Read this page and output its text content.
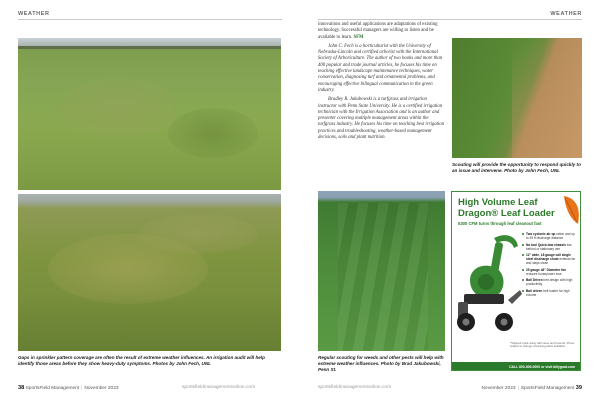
WEATHER	WEATHER
Gaps in sprinkler pattern coverage are often the result of extreme weather influences. An irrigation audit will help identify those areas before they show heavy-duty symptoms. Photos by John Fech, UNL

innovations and useful applications are adaptations of existing technology. Successful managers are willing to listen and be available to learn. SFM

John C. Fech is a horticulturist with the University of Nebraska-Lincoln and certified arborist with the International Society of Arboriculture. The author of two books and more than 400 popular and trade journal articles, he focuses his time on teaching effective landscape maintenance techniques, water conservation, diagnosing turf and ornamental problems, and encouraging effective bilingual communication in the green industry.

Bradley R. Jakubowski is a turfgrass and irrigation instructor with Penn State University. He is a certified irrigation technician with the Irrigation Association and is an author and presenter covering multiple management areas within the turfgrass industry. He focuses his time on teaching best irrigation practices and troubleshooting, weather-based management decisions, soils and plant nutrition.

Regular scouting for weeds and other pests will help with extreme weather influences. Photo by Brad Jakubowski, Penn St.
Scouting will provide the opportunity to respond quickly to an issue and intervene. Photo by John Fech, UNL
High Volume Leaf
Dragon® Leaf Loader
5300 CFM turns through leaf cleanout fast
Two cyclonic air op ration and up to 45 ft discharge distance
No tool Quick-tow chassis tow behind or stationary use
12" wide, 18 gauge call single steel discharge chute extends far and stays clean
25 gauge 46" Diameter fan reduces horsepower loss
Ball Driven belt design with high productivity
Bail driven belt loader for high volume
*Shipped truck-ready with Hose and hose kit. Prices subject to change. Financing plans available.
CALL 800-800-0000 or visit billygoat.com
38 SportsField Management | November 2023	sportsfieldmanagementonline.com	sportsfieldmanagementonline.com	November 2023 | SportsField Management 39
